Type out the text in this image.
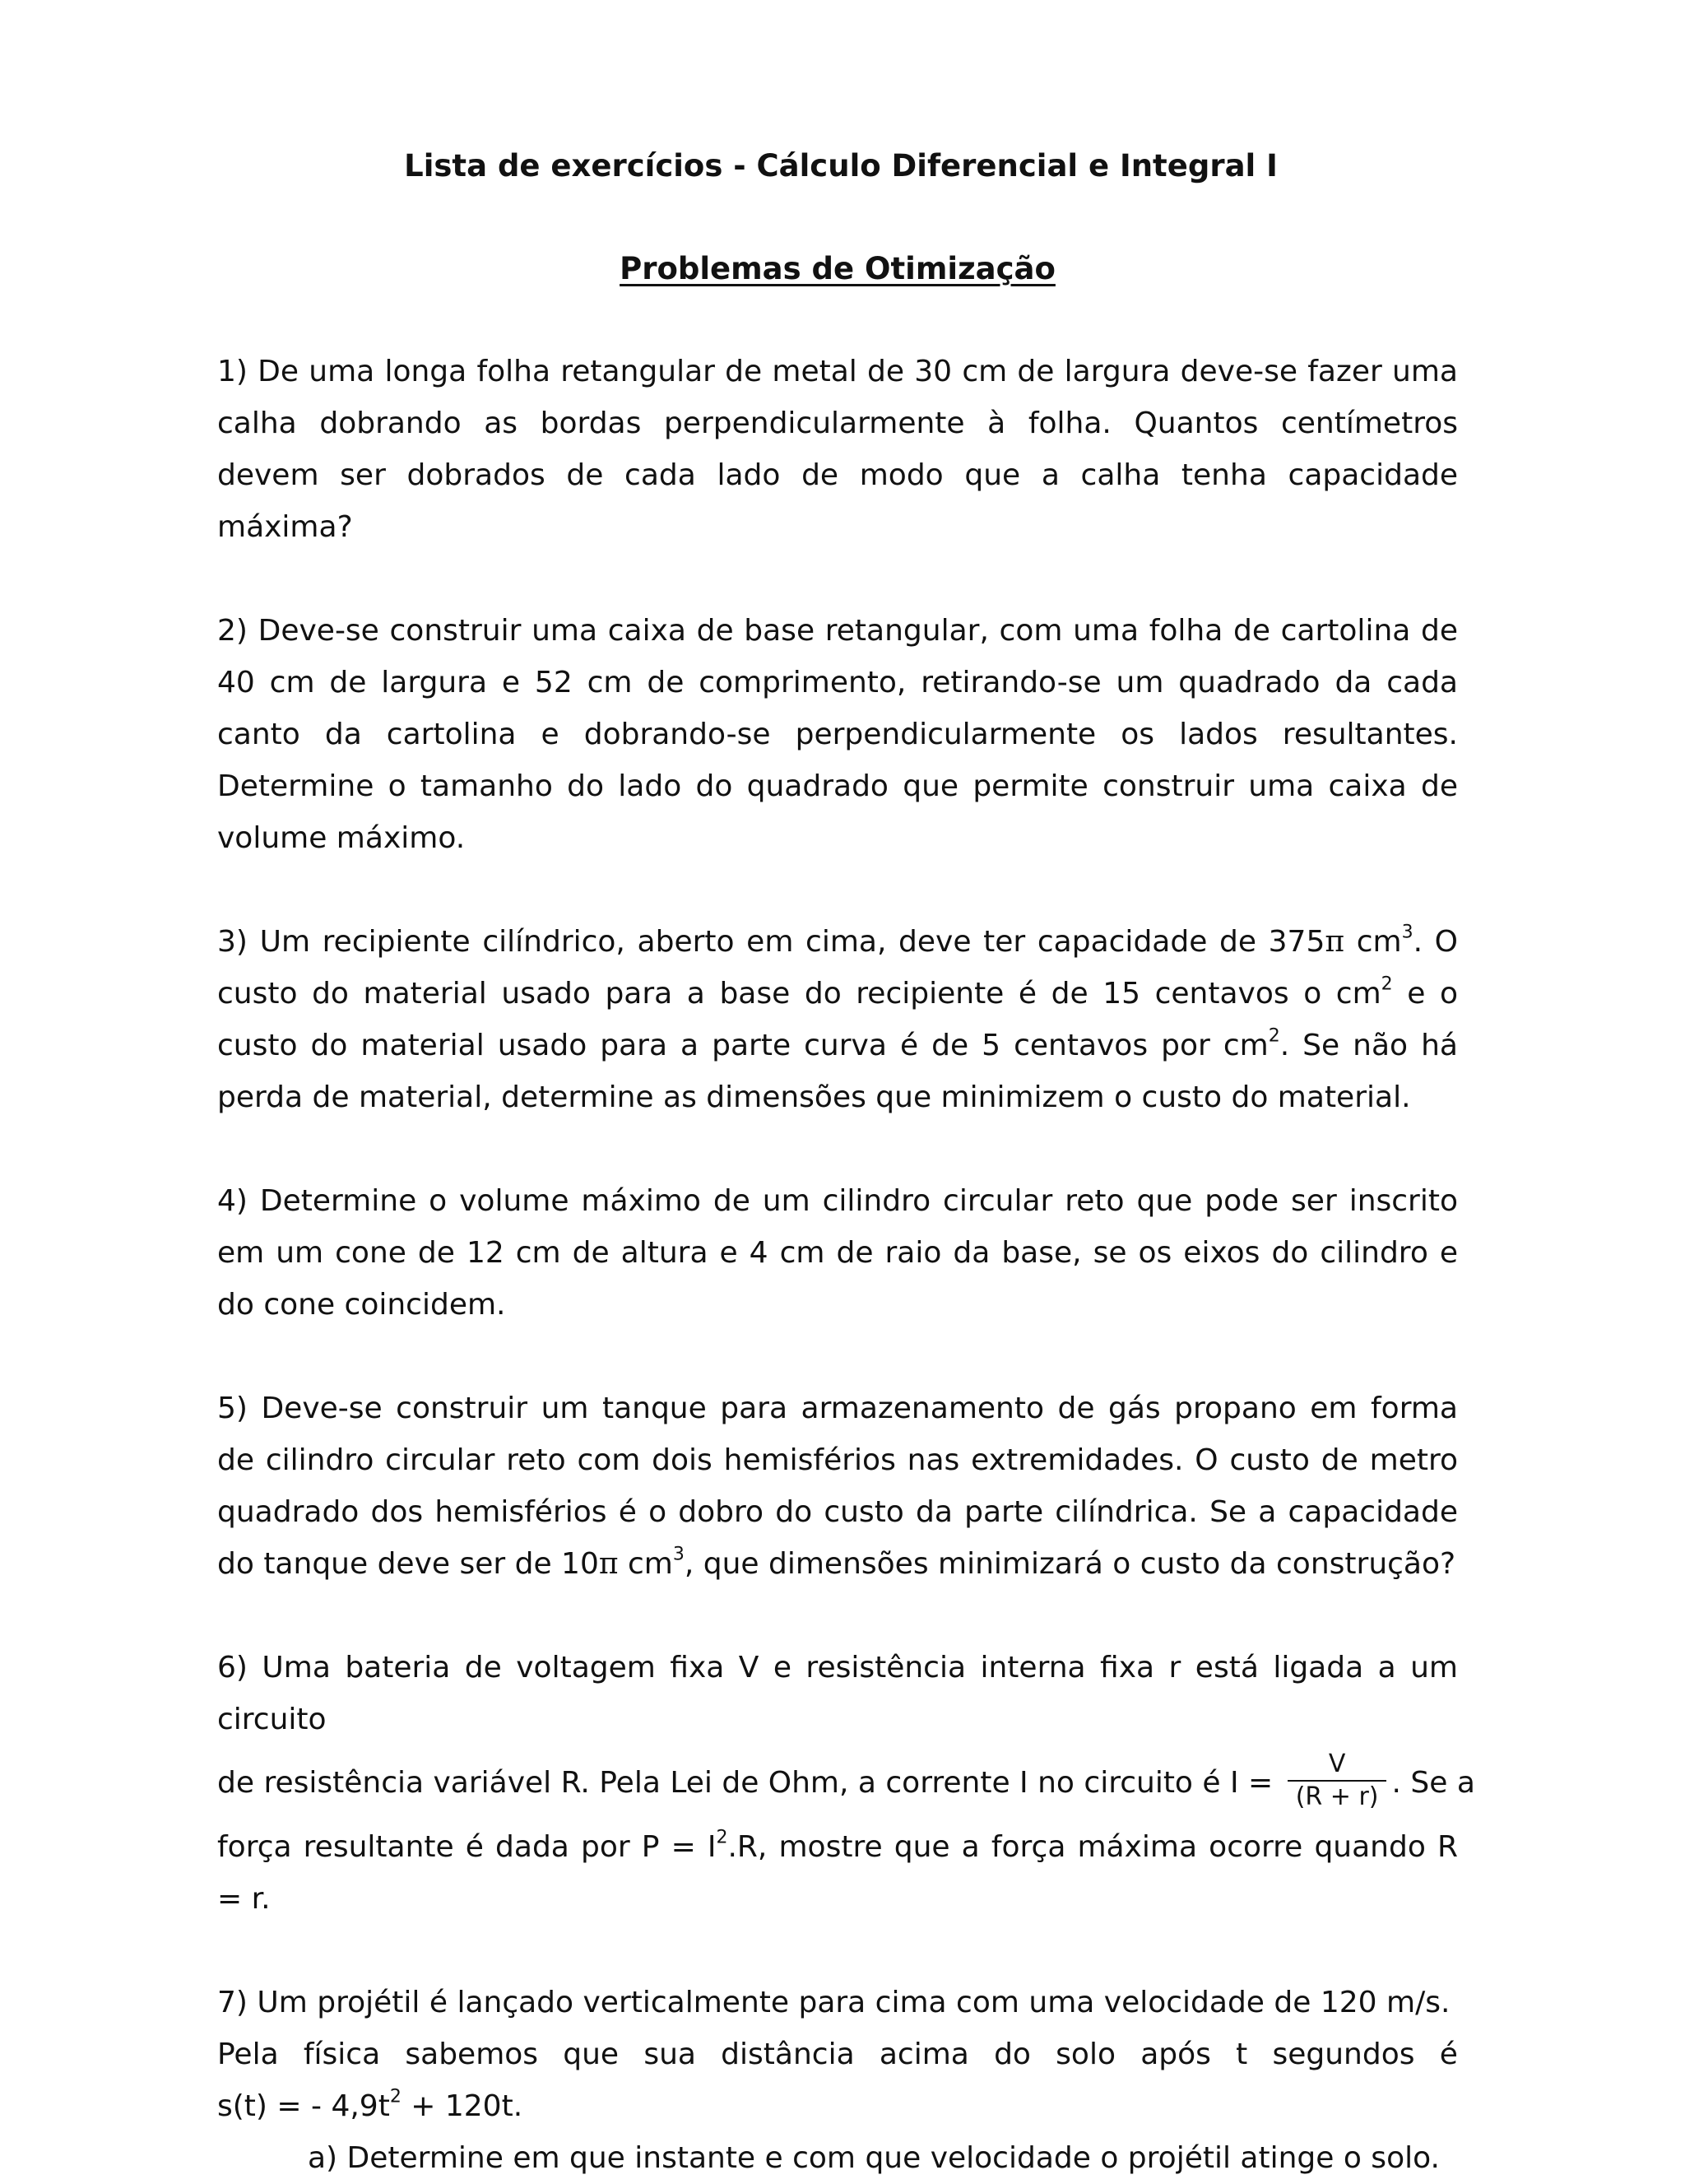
Lista de exercícios - Cálculo Diferencial e Integral I

Problemas de Otimização

1) De uma longa folha retangular de metal de 30 cm de largura deve-se fazer uma calha dobrando as bordas perpendicularmente à folha. Quantos centímetros devem ser dobrados de cada lado de modo que a calha tenha capacidade máxima?

2) Deve-se construir uma caixa de base retangular, com uma folha de cartolina de 40 cm de largura e 52 cm de comprimento, retirando-se um quadrado da cada canto da cartolina e dobrando-se perpendicularmente os lados resultantes. Determine o tamanho do lado do quadrado que permite construir uma caixa de volume máximo.

3) Um recipiente cilíndrico, aberto em cima, deve ter capacidade de 375π $cm^3$. O custo do material usado para a base do recipiente é de 15 centavos o $cm^2$ e o custo do material usado para a parte curva é de 5 centavos por $cm^2$. Se não há perda de material, determine as dimensões que minimizem o custo do material.

4) Determine o volume máximo de um cilindro circular reto que pode ser inscrito em um cone de 12 cm de altura e 4 cm de raio da base, se os eixos do cilindro e do cone coincidem.

5) Deve-se construir um tanque para armazenamento de gás propano em forma de cilindro circular reto com dois hemisférios nas extremidades. O custo de metro quadrado dos hemisférios é o dobro do custo da parte cilíndrica. Se a capacidade do tanque deve ser de 10π $cm^3$, que dimensões minimizará o custo da construção?

6) Uma bateria de voltagem fixa V e resistência interna fixa r está ligada a um circuito

de resistência variável R. Pela Lei de Ohm, a corrente I no circuito é $I = \frac{V}{(R + r)}$ . Se a

força resultante é dada por $P = I^2.R$, mostre que a força máxima ocorre quando R = r.

7) Um projétil é lançado verticalmente para cima com uma velocidade de 120 m/s.

Pela física sabemos que sua distância acima do solo após t segundos é

s(t) = - $4,9t^2 + 120t$.

a) Determine em que instante e com que velocidade o projétil atinge o solo.
